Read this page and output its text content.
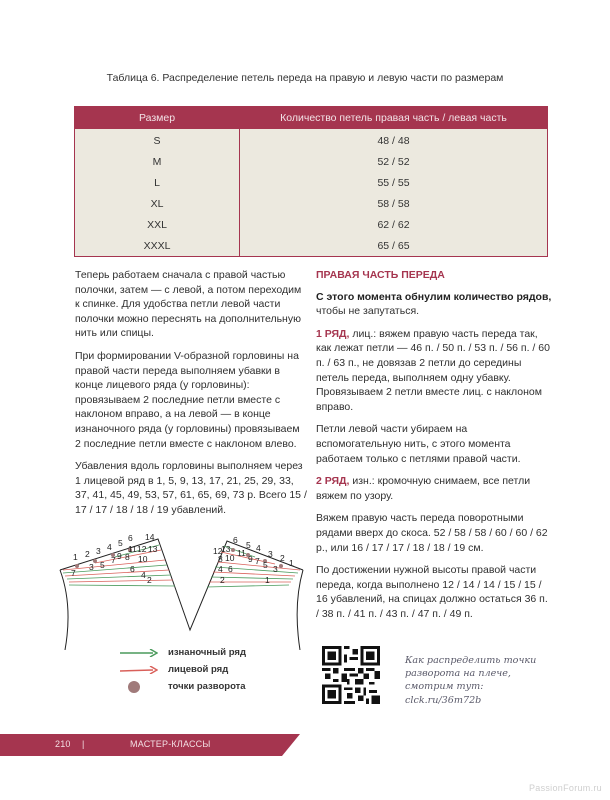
Таблица 6. Распределение петель переда на правую и левую части по размерам
Размер	Количество петель правая часть / левая часть
S	48 / 48
M	52 / 52
L	55 / 55
XL	58 / 58
XXL	62 / 62
XXXL	65 / 65

Теперь работаем сначала с правой частью полочки, затем — с левой, а потом переходим к спинке. Для удобства петли левой части полочки можно переснять на дополнительную нить или спицы.

При формировании V-образной горловины на правой части переда выполняем убавки в конце лицевого ряда (у горловины): провязываем 2 последние петли вместе с наклоном вправо, а на левой — в конце изнаночного ряда (у горловины) провязываем 2 последние петли вместе с наклоном влево.

Убавления вдоль горловины выполняем через 1 лицевой ряд в 1, 5, 9, 13, 17, 21, 25, 29, 33, 37, 41, 45, 49, 53, 57, 61, 65, 69, 73 р. Всего 15 / 17 / 17 / 18 / 18 / 19 убавлений.

ПРАВАЯ ЧАСТЬ ПЕРЕДА

С этого момента обнулим количество рядов,
чтобы не запутаться.

1 РЯД, лиц.: вяжем правую часть переда так, как лежат петли — 46 п. / 50 п. / 53 п. / 56 п. / 60 п. / 63 п., не довязав 2 петли до середины петель переда, выполняем одну убавку. Провязываем 2 петли вместе лиц. с наклоном вправо.

Петли левой части убираем на вспомогательную нить, с этого момента работаем только с петлями правой части.

2 РЯД, изн.: кромочную снимаем, все петли вяжем по узору.

Вяжем правую часть переда поворотными рядами вверх до скоса. 52 / 58 / 58 / 60 / 60 / 62 р., или 16 / 17 / 17 / 18 / 18 / 19 см.

По достижении нужной высоты правой части переда, когда выполнено 12 / 14 / 14 / 15 / 15 / 16 убавлений, на спицах должно остаться 36 п. / 38 п. / 41 п. / 43 п. / 47 п. / 49 п.

1 2 3 4 5 6 14
7
3 5 7 9 8
11 12 13
10
6
4 2
6 5 4
3 2 1
12
13
8 10 11
9 7 5 3
4 6
2	1
изнаночный ряд
лицевой ряд
точки разворота
Как распределить точки
разворота на плече,
смотрим тут:
clck.ru/36m72b
210 |	МАСТЕР-КЛАССЫ
PassionForum.ru
